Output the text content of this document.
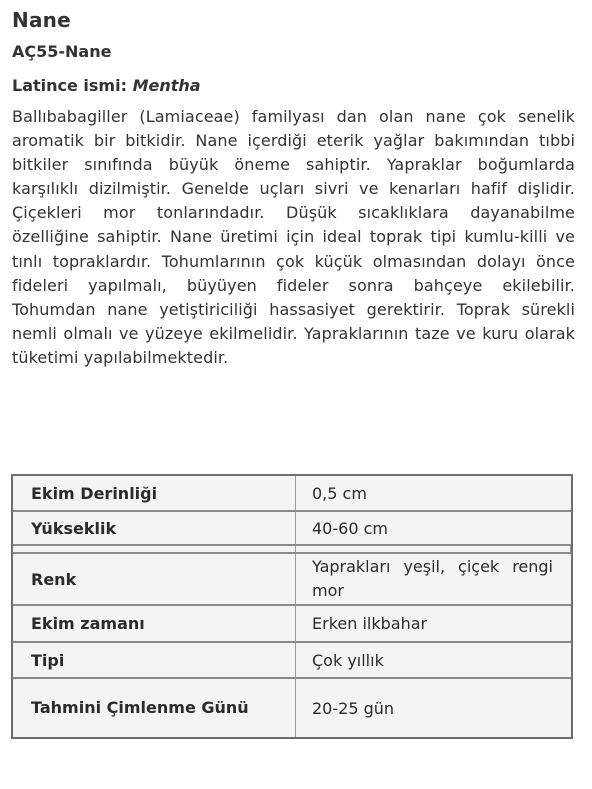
Nane
AÇ55-Nane
Latince ismi: Mentha
Ballıbabagiller (Lamiaceae) familyası dan olan nane çok senelik aromatik bir bitkidir. Nane içerdiği eterik yağlar bakımından tıbbi bitkiler sınıfında büyük öneme sahiptir. Yapraklar boğumlarda karşılıklı dizilmiştir. Genelde uçları sivri ve kenarları hafif dişlidir. Çiçekleri mor tonlarındadır. Düşük sıcaklıklara dayanabilme özelliğine sahiptir. Nane üretimi için ideal toprak tipi kumlu-killi ve tınlı topraklardır. Tohumlarının çok küçük olmasından dolayı önce fideleri yapılmalı, büyüyen fideler sonra bahçeye ekilebilir. Tohumdan nane yetiştiriciliği hassasiyet gerektirir. Toprak sürekli nemli olmalı ve yüzeye ekilmelidir. Yapraklarının taze ve kuru olarak tüketimi yapılabilmektedir.
Ekim Derinliği	0,5 cm
Yükseklik	40-60 cm

Renk	Yaprakları yeşil, çiçek rengi mor
Ekim zamanı	Erken ilkbahar
Tipi	Çok yıllık
Tahmini Çimlenme Günü	20-25 gün
